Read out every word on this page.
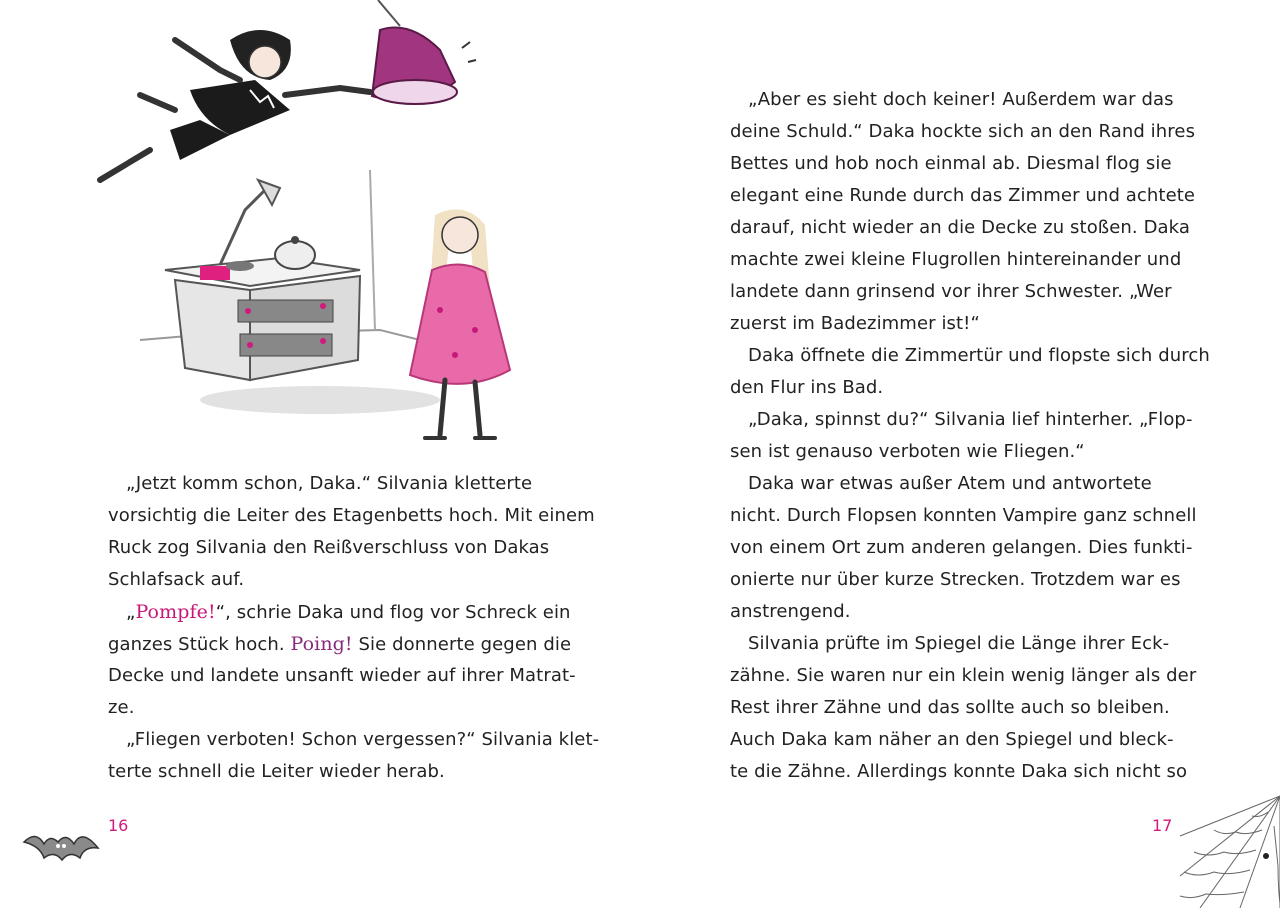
„Jetzt komm schon, Daka.“ Silvania kletterte
vorsichtig die Leiter des Etagenbetts hoch. Mit einem
Ruck zog Silvania den Reißverschluss von Dakas
Schlafsack auf.
„Pompfe!“, schrie Daka und flog vor Schreck ein
ganzes Stück hoch. Poing! Sie donnerte gegen die
Decke und landete unsanft wieder auf ihrer Matrat-
ze.
„Fliegen verboten! Schon vergessen?“ Silvania klet-
terte schnell die Leiter wieder herab.
16
„Aber es sieht doch keiner! Außerdem war das
deine Schuld.“ Daka hockte sich an den Rand ihres
Bettes und hob noch einmal ab. Diesmal flog sie
elegant eine Runde durch das Zimmer und achtete
darauf, nicht wieder an die Decke zu stoßen. Daka
machte zwei kleine Flugrollen hintereinander und
landete dann grinsend vor ihrer Schwester. „Wer
zuerst im Badezimmer ist!“
Daka öffnete die Zimmertür und flopste sich durch
den Flur ins Bad.
„Daka, spinnst du?“ Silvania lief hinterher. „Flop-
sen ist genauso verboten wie Fliegen.“
Daka war etwas außer Atem und antwortete
nicht. Durch Flopsen konnten Vampire ganz schnell
von einem Ort zum anderen gelangen. Dies funkti-
onierte nur über kurze Strecken. Trotzdem war es
anstrengend.
Silvania prüfte im Spiegel die Länge ihrer Eck-
zähne. Sie waren nur ein klein wenig länger als der
Rest ihrer Zähne und das sollte auch so bleiben.
Auch Daka kam näher an den Spiegel und bleck-
te die Zähne. Allerdings konnte Daka sich nicht so
17
